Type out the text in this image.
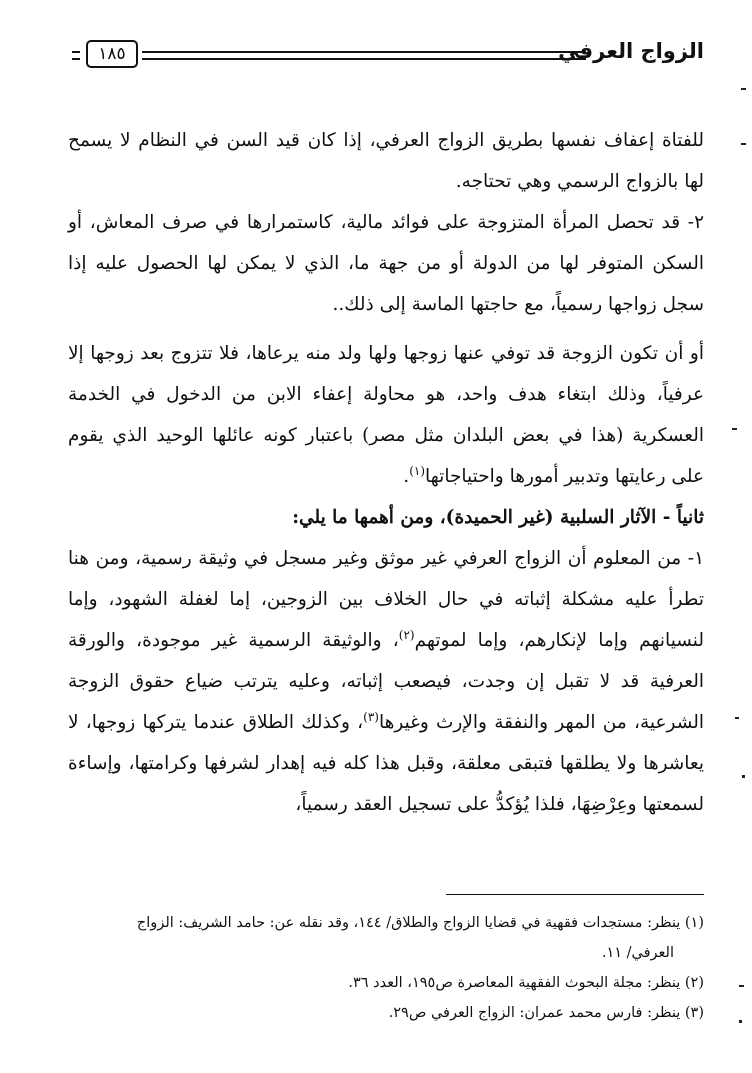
الزواج العرفي
١٨٥

للفتاة إعفاف نفسها بطريق الزواج العرفي، إذا كان قيد السن في النظام لا يسمح لها بالزواج الرسمي وهي تحتاجه.

٢- قد تحصل المرأة المتزوجة على فوائد مالية، كاستمرارها في صرف المعاش، أو السكن المتوفر لها من الدولة أو من جهة ما، الذي لا يمكن لها الحصول عليه إذا سجل زواجها رسمياً، مع حاجتها الماسة إلى ذلك..

أو أن تكون الزوجة قد توفي عنها زوجها ولها ولد منه يرعاها، فلا تتزوج بعد زوجها إلا عرفياً، وذلك ابتغاء هدف واحد، هو محاولة إعفاء الابن من الدخول في الخدمة العسكرية (هذا في بعض البلدان مثل مصر) باعتبار كونه عائلها الوحيد الذي يقوم على رعايتها وتدبير أمورها واحتياجاتها$^{(١)}$.

ثانياً - الآثار السلبية (غير الحميدة)، ومن أهمها ما يلي:

١- من المعلوم أن الزواج العرفي غير موثق وغير مسجل في وثيقة رسمية، ومن هنا تطرأ عليه مشكلة إثباته في حال الخلاف بين الزوجين، إما لغفلة الشهود، وإما لنسيانهم وإما لإنكارهم، وإما لموتهم$^{(٢)}$، والوثيقة الرسمية غير موجودة، والورقة العرفية قد لا تقبل إن وجدت، فيصعب إثباته، وعليه يترتب ضياع حقوق الزوجة الشرعية، من المهر والنفقة والإرث وغيرها$^{(٣)}$، وكذلك الطلاق عندما يتركها زوجها، لا يعاشرها ولا يطلقها فتبقى معلقة، وقبل هذا كله فيه إهدار لشرفها وكرامتها، وإساءة لسمعتها وعِرْضِهَا، فلذا يُؤكدُّ على تسجيل العقد رسمياً،

(١) ينظر: مستجدات فقهية في قضايا الزواج والطلاق/ ١٤٤، وقد نقله عن: حامد الشريف: الزواج

العرفي/ ١١.

(٢) ينظر: مجلة البحوث الفقهية المعاصرة ص١٩٥، العدد ٣٦.

(٣) ينظر: فارس محمد عمران: الزواج العرفي ص٢٩.
